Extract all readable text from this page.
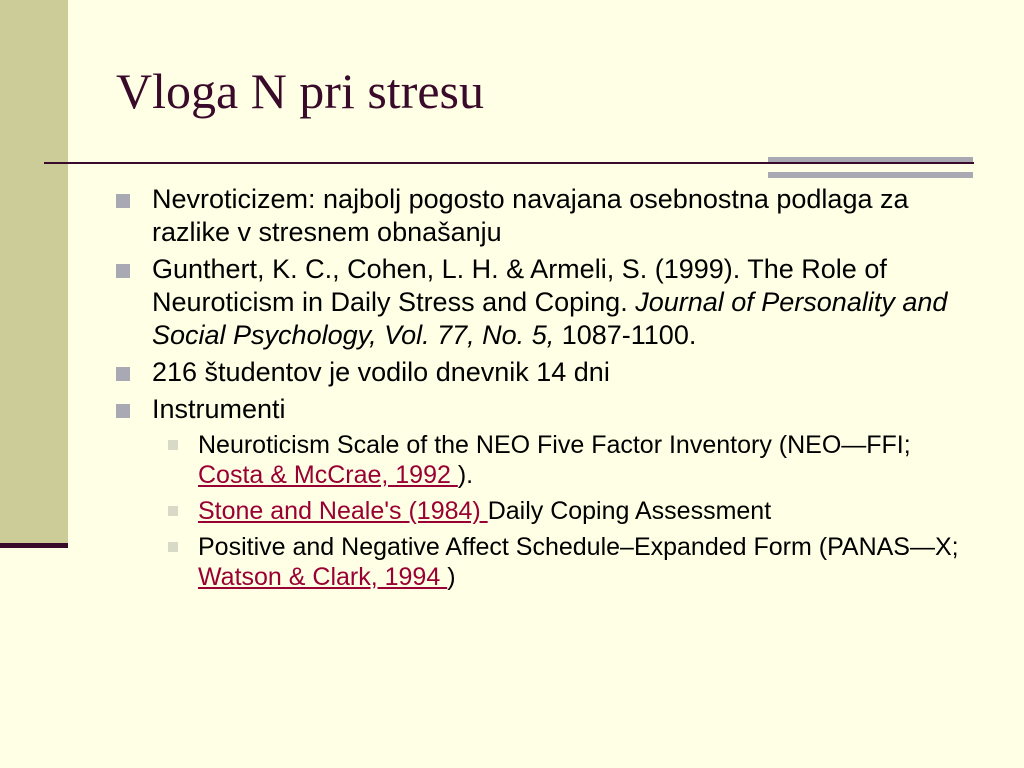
Vloga N pri stresu
Nevroticizem: najbolj pogosto navajana osebnostna podlaga za razlike v stresnem obnašanju
Gunthert, K. C., Cohen, L. H. & Armeli, S. (1999). The Role of Neuroticism in Daily Stress and Coping. Journal of Personality and Social Psychology, Vol. 77, No. 5, 1087-1100.
216 študentov je vodilo dnevnik 14 dni
Instrumenti
Neuroticism Scale of the NEO Five Factor Inventory (NEO—FFI; Costa & McCrae, 1992 ).
Stone and Neale's (1984) Daily Coping Assessment
Positive and Negative Affect Schedule–Expanded Form (PANAS—X; Watson & Clark, 1994 )
